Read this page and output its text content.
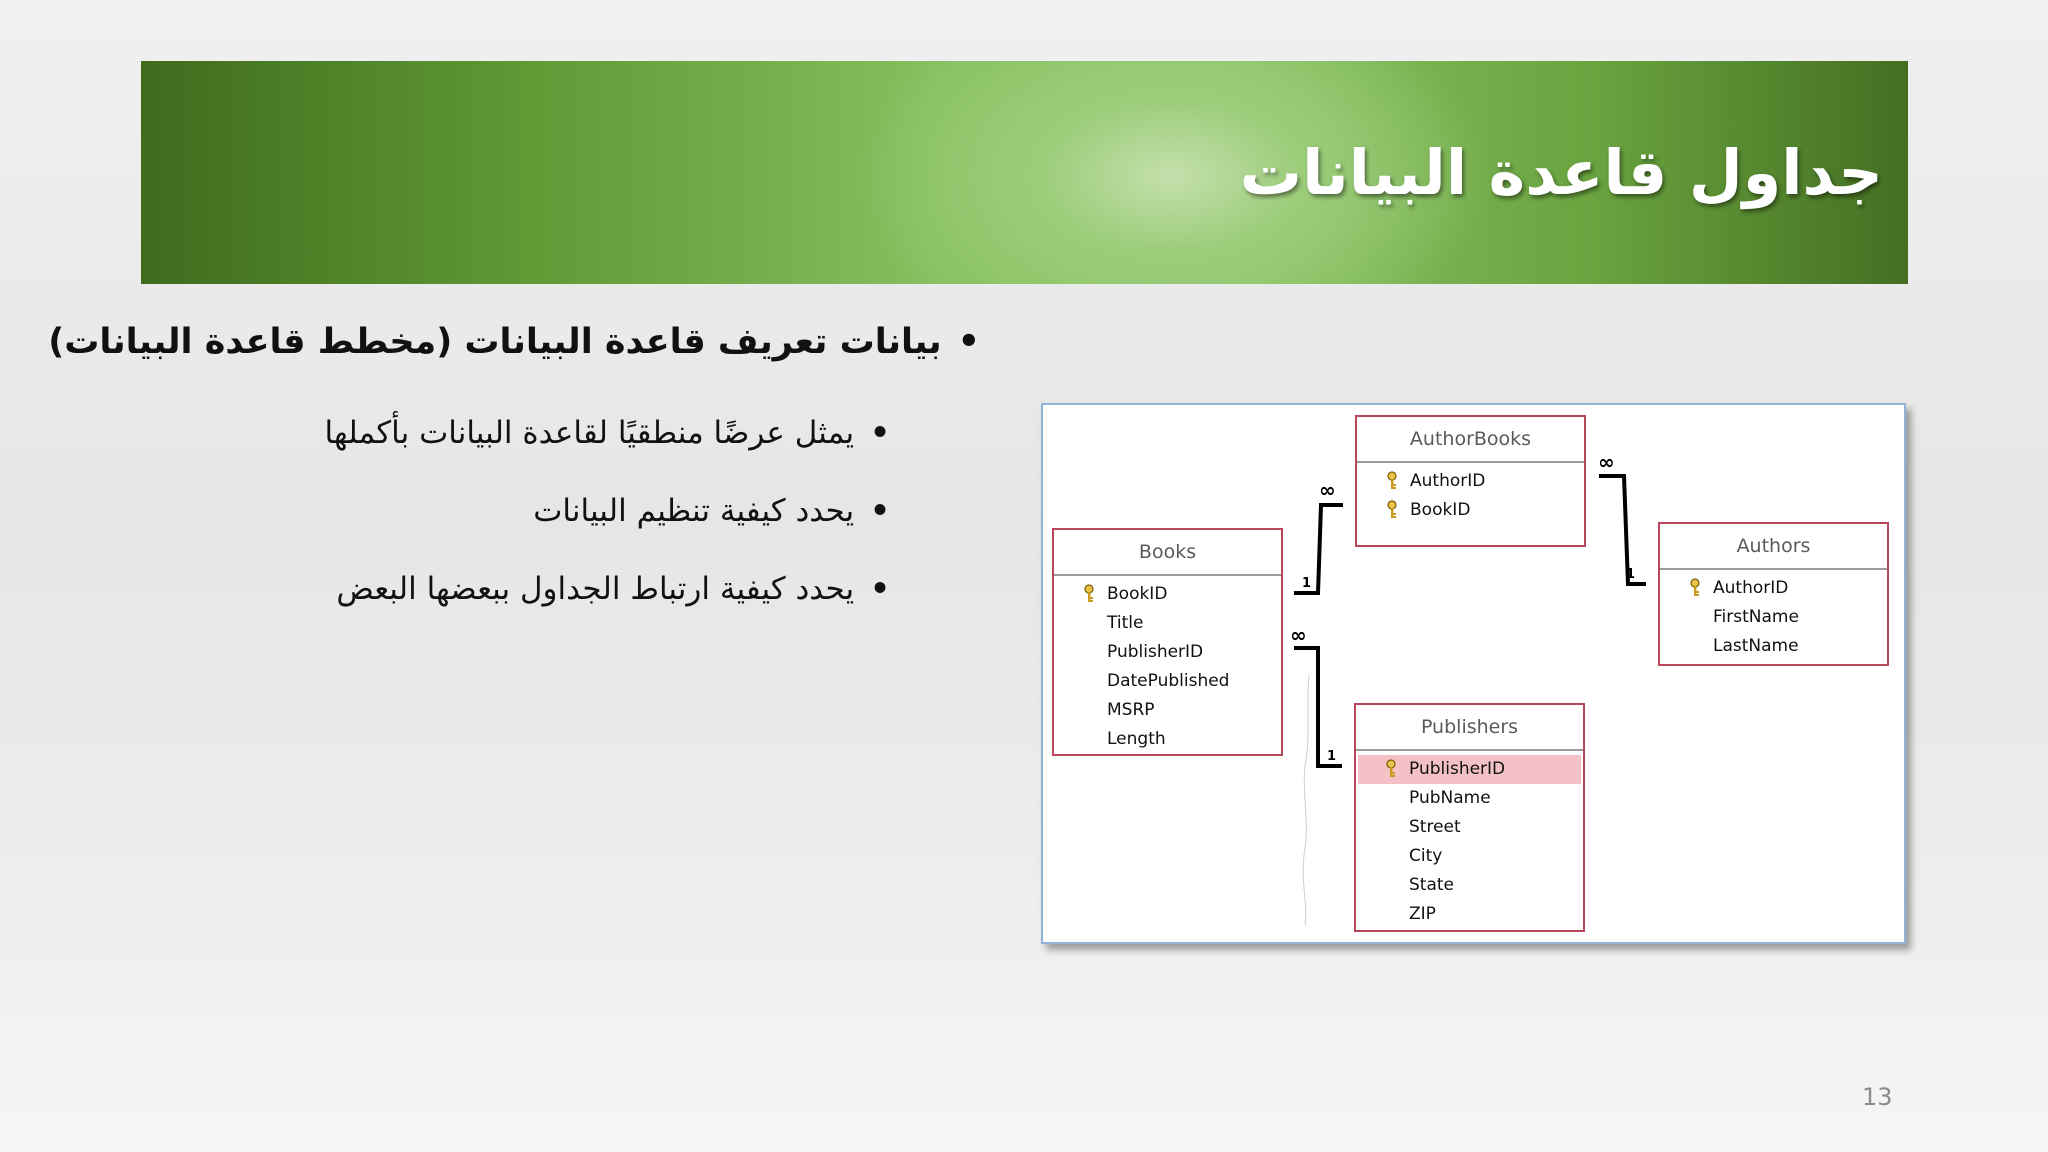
جداول قاعدة البيانات
•بيانات تعريف قاعدة البيانات (مخطط قاعدة البيانات)
•يمثل عرضًا منطقيًا لقاعدة البيانات بأكملها
•يحدد كيفية تنظيم البيانات
•يحدد كيفية ارتباط الجداول ببعضها البعض	1
∞
∞
1
∞
1
AuthorBooks
AuthorID
BookID
Books
BookID
Title
PublisherID
DatePublished
MSRP
Length
Authors
AuthorID
FirstName
LastName
Publishers
PublisherID
PubName
Street
City
State
ZIP
13
